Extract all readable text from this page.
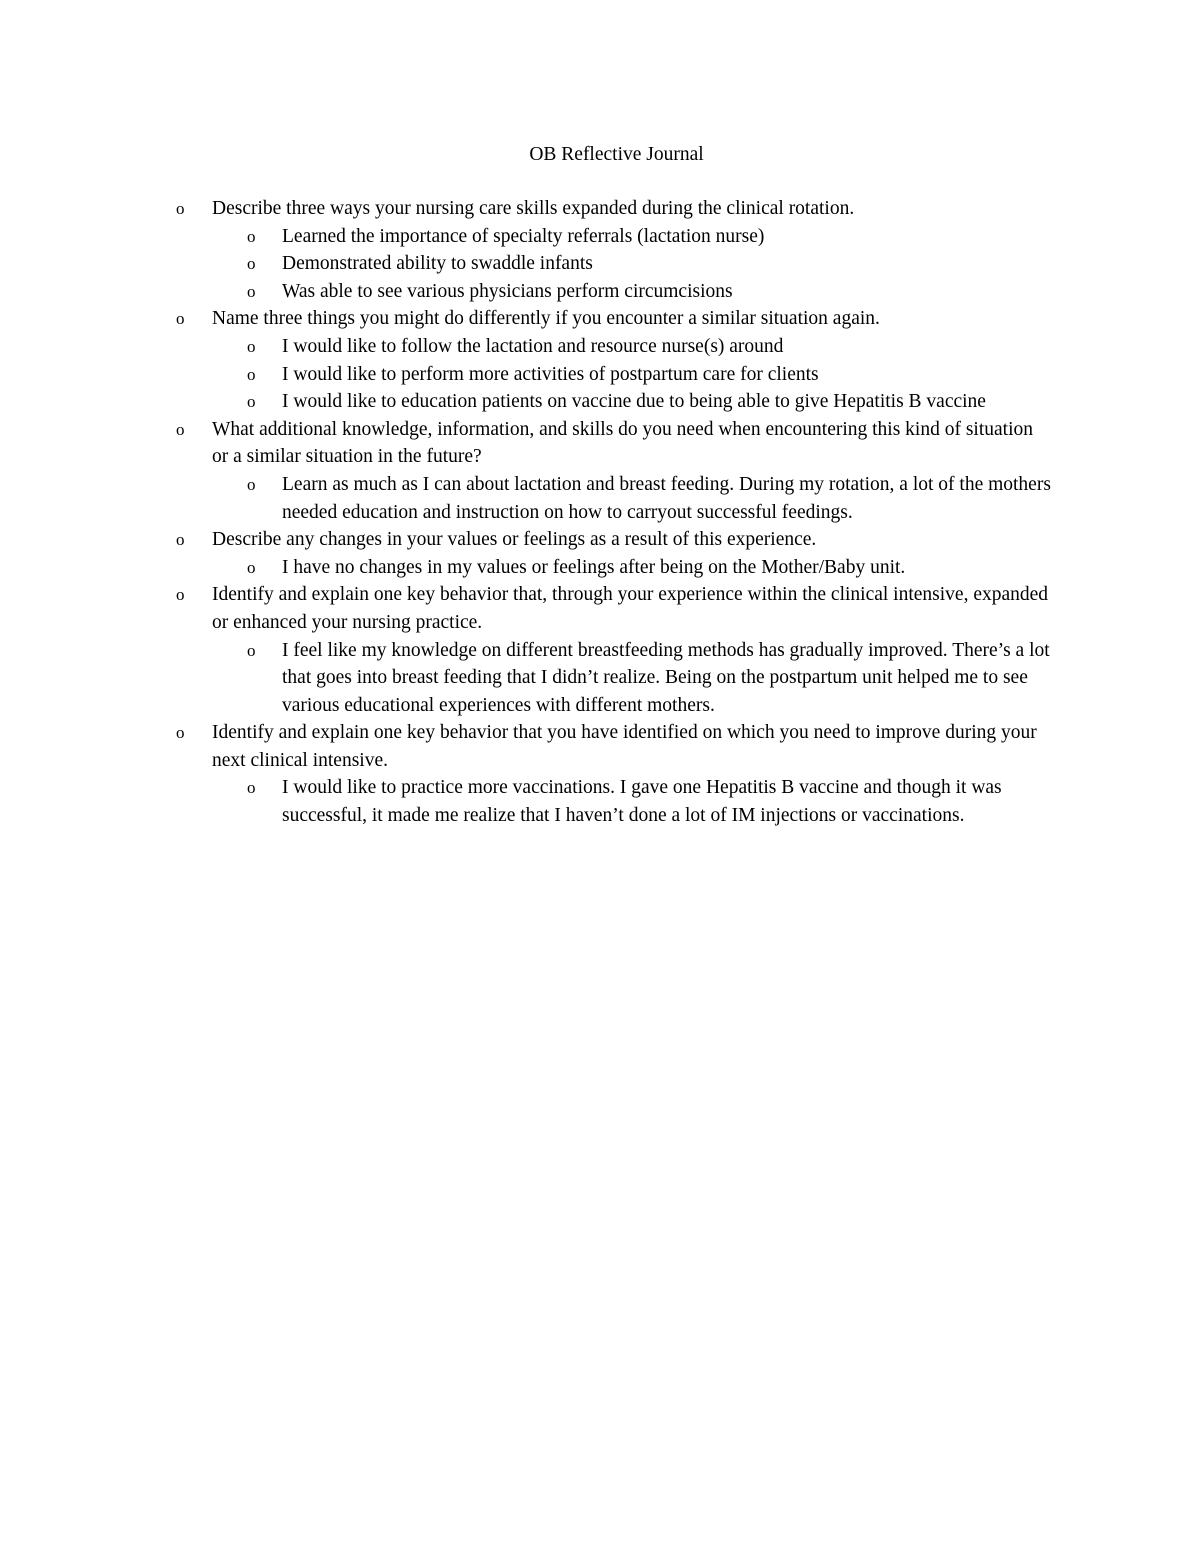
OB Reflective Journal
o Describe three ways your nursing care skills expanded during the clinical rotation.
o Learned the importance of specialty referrals (lactation nurse)
o Demonstrated ability to swaddle infants
o Was able to see various physicians perform circumcisions
o Name three things you might do differently if you encounter a similar situation again.
o I would like to follow the lactation and resource nurse(s) around
o I would like to perform more activities of postpartum care for clients
o I would like to education patients on vaccine due to being able to give Hepatitis B vaccine
o What additional knowledge, information, and skills do you need when encountering this kind of situation or a similar situation in the future?
o Learn as much as I can about lactation and breast feeding. During my rotation, a lot of the mothers needed education and instruction on how to carryout successful feedings.
o Describe any changes in your values or feelings as a result of this experience.
o I have no changes in my values or feelings after being on the Mother/Baby unit.
o Identify and explain one key behavior that, through your experience within the clinical intensive, expanded or enhanced your nursing practice.
o I feel like my knowledge on different breastfeeding methods has gradually improved. There’s a lot that goes into breast feeding that I didn’t realize. Being on the postpartum unit helped me to see various educational experiences with different mothers.
o Identify and explain one key behavior that you have identified on which you need to improve during your next clinical intensive.
o I would like to practice more vaccinations. I gave one Hepatitis B vaccine and though it was successful, it made me realize that I haven’t done a lot of IM injections or vaccinations.
